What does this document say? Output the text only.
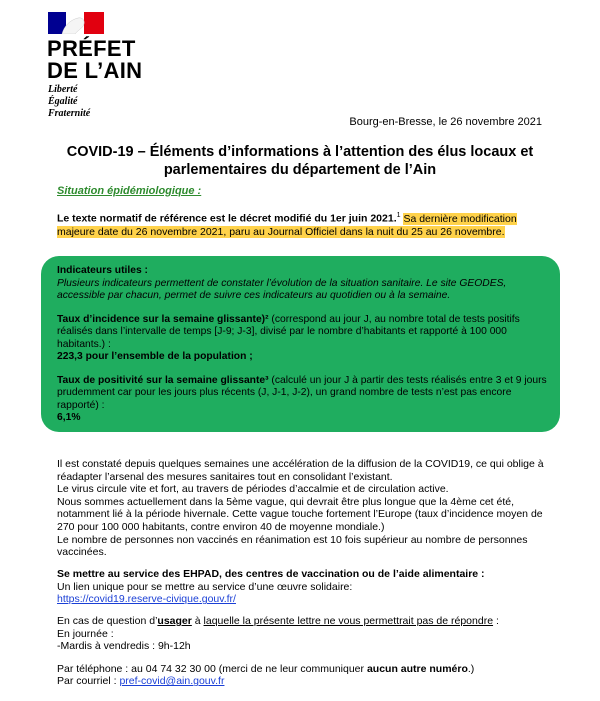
PRÉFET
DE L’AIN
Liberté
Égalité
Fraternité
Bourg-en-Bresse, le 26 novembre 2021
COVID-19 – Éléments d’informations à l’attention des élus locaux et
parlementaires du département de l’Ain
Situation épidémiologique :
Le texte normatif de référence est le décret modifié du 1er juin 2021.$^1$ Sa dernière modification majeure date du 26 novembre 2021, paru au Journal Officiel dans la nuit du 25 au 26 novembre.
Indicateurs utiles :
Plusieurs indicateurs permettent de constater l’évolution de la situation sanitaire. Le site GEODES, accessible par chacun, permet de suivre ces indicateurs au quotidien ou à la semaine.
Taux d’incidence sur la semaine glissante)² (correspond au jour J, au nombre total de tests positifs réalisés dans l’intervalle de temps [J-9; J-3], divisé par le nombre d’habitants et rapporté à 100 000 habitants.) :
223,3 pour l’ensemble de la population ;
Taux de positivité sur la semaine glissante³ (calculé un jour J à partir des tests réalisés entre 3 et 9 jours prudemment car pour les jours plus récents (J, J-1, J-2), un grand nombre de tests n’est pas encore rapporté) :
6,1%
Il est constaté depuis quelques semaines une accélération de la diffusion de la COVID19, ce qui oblige à réadapter l’arsenal des mesures sanitaires tout en consolidant l’existant.
Le virus circule vite et fort, au travers de périodes d’accalmie et de circulation active.
Nous sommes actuellement dans la 5ème vague, qui devrait être plus longue que la 4ème cet été, notamment lié à la période hivernale. Cette vague touche fortement l’Europe (taux d’incidence moyen de 270 pour 100 000 habitants, contre environ 40 de moyenne mondiale.)
Le nombre de personnes non vaccinés en réanimation est 10 fois supérieur au nombre de personnes vaccinées.
Se mettre au service des EHPAD, des centres de vaccination ou de l’aide alimentaire :
Un lien unique pour se mettre au service d’une œuvre solidaire:
https://covid19.reserve-civique.gouv.fr/
En cas de question d’usager à laquelle la présente lettre ne vous permettrait pas de répondre :
En journée :
-Mardis à vendredis : 9h-12h
Par téléphone : au 04 74 32 30 00 (merci de ne leur communiquer aucun autre numéro.)
Par courriel : pref-covid@ain.gouv.fr
